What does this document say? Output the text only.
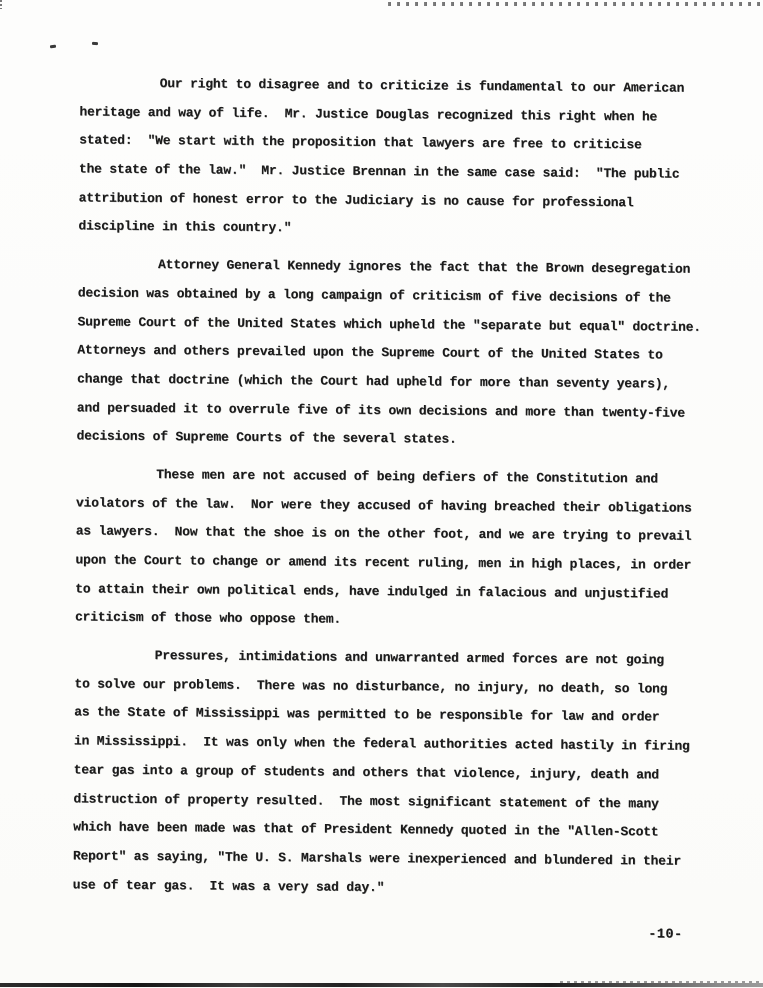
Our right to disagree and to criticize is fundamental to our American
heritage and way of life.  Mr. Justice Douglas recognized this right when he
stated:  "We start with the proposition that lawyers are free to criticise
the state of the law."  Mr. Justice Brennan in the same case said:  "The public
attribution of honest error to the Judiciary is no cause for professional
discipline in this country."
Attorney General Kennedy ignores the fact that the Brown desegregation
decision was obtained by a long campaign of criticism of five decisions of the
Supreme Court of the United States which upheld the "separate but equal" doctrine.
Attorneys and others prevailed upon the Supreme Court of the United States to
change that doctrine (which the Court had upheld for more than seventy years),
and persuaded it to overrule five of its own decisions and more than twenty-five
decisions of Supreme Courts of the several states.
These men are not accused of being defiers of the Constitution and
violators of the law.  Nor were they accused of having breached their obligations
as lawyers.  Now that the shoe is on the other foot, and we are trying to prevail
upon the Court to change or amend its recent ruling, men in high places, in order
to attain their own political ends, have indulged in falacious and unjustified
criticism of those who oppose them.
Pressures, intimidations and unwarranted armed forces are not going
to solve our problems.  There was no disturbance, no injury, no death, so long
as the State of Mississippi was permitted to be responsible for law and order
in Mississippi.  It was only when the federal authorities acted hastily in firing
tear gas into a group of students and others that violence, injury, death and
distruction of property resulted.  The most significant statement of the many
which have been made was that of President Kennedy quoted in the "Allen-Scott
Report" as saying, "The U. S. Marshals were inexperienced and blundered in their
use of tear gas.  It was a very sad day."
-10-
